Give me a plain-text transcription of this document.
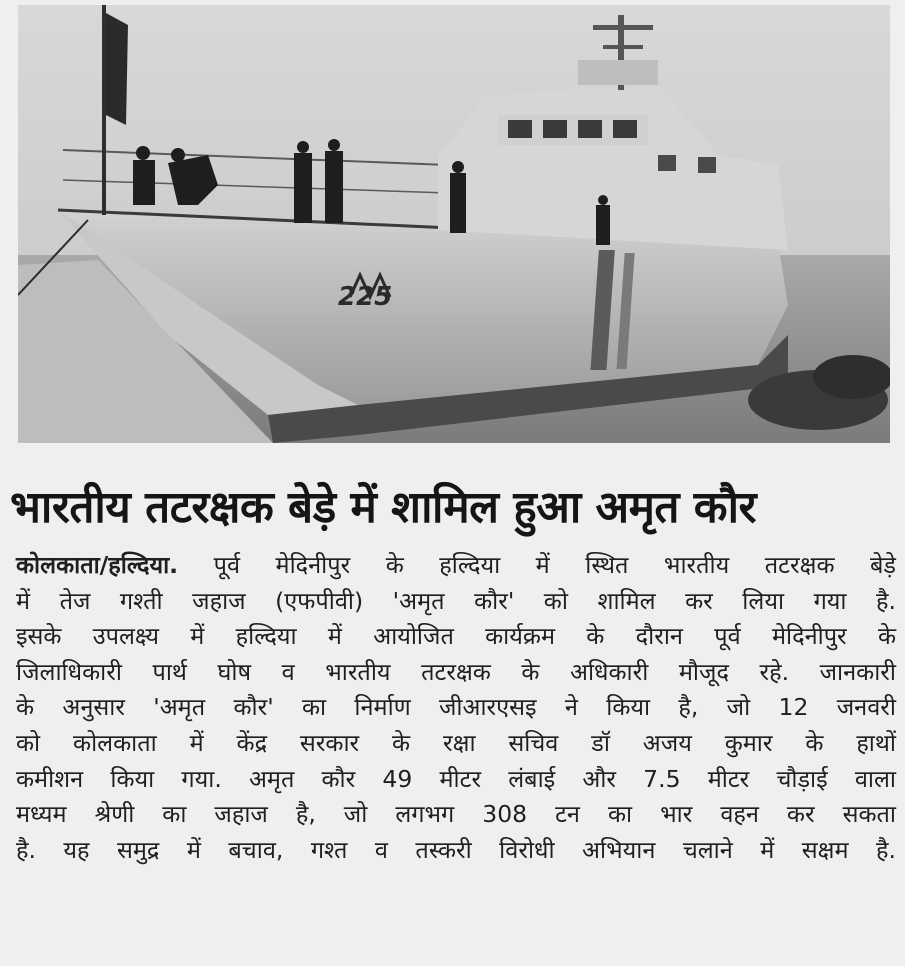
225
भारतीय तटरक्षक बेड़े में शामिल हुआ अमृत कौर

कोलकाता/हल्दिया. पूर्व मेदिनीपुर के हल्दिया में स्थित भारतीय तटरक्षक बेड़े

में तेज गश्ती जहाज (एफपीवी) 'अमृत कौर' को शामिल कर लिया गया है.

इसके उपलक्ष्य में हल्दिया में आयोजित कार्यक्रम के दौरान पूर्व मेदिनीपुर के

जिलाधिकारी पार्थ घोष व भारतीय तटरक्षक के अधिकारी मौजूद रहे. जानकारी

के अनुसार 'अमृत कौर' का निर्माण जीआरएसइ ने किया है, जो 12 जनवरी

को कोलकाता में केंद्र सरकार के रक्षा सचिव डॉ अजय कुमार के हाथों

कमीशन किया गया. अमृत कौर 49 मीटर लंबाई और 7.5 मीटर चौड़ाई वाला

मध्यम श्रेणी का जहाज है, जो लगभग 308 टन का भार वहन कर सकता

है. यह समुद्र में बचाव, गश्त व तस्करी विरोधी अभियान चलाने में सक्षम है.
